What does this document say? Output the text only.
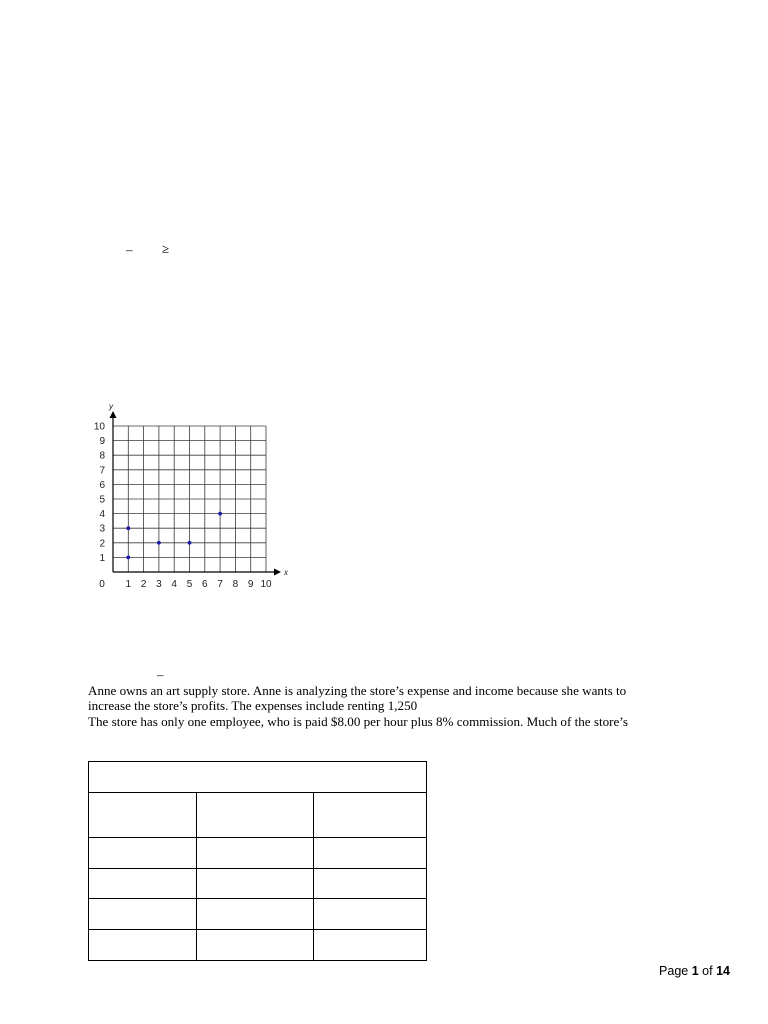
– ≥
y
x
1 2 3 4 5 6 7 8 9 10
1
2
3
4
5
6
7
8
9
10
0
–
Anne owns an art supply store. Anne is analyzing the store’s expense and income because she wants to
increase the store’s profits. The expenses include renting 1,250
The store has only one employee, who is paid $8.00 per hour plus 8% commission. Much of the store’s

Page 1 of 14
